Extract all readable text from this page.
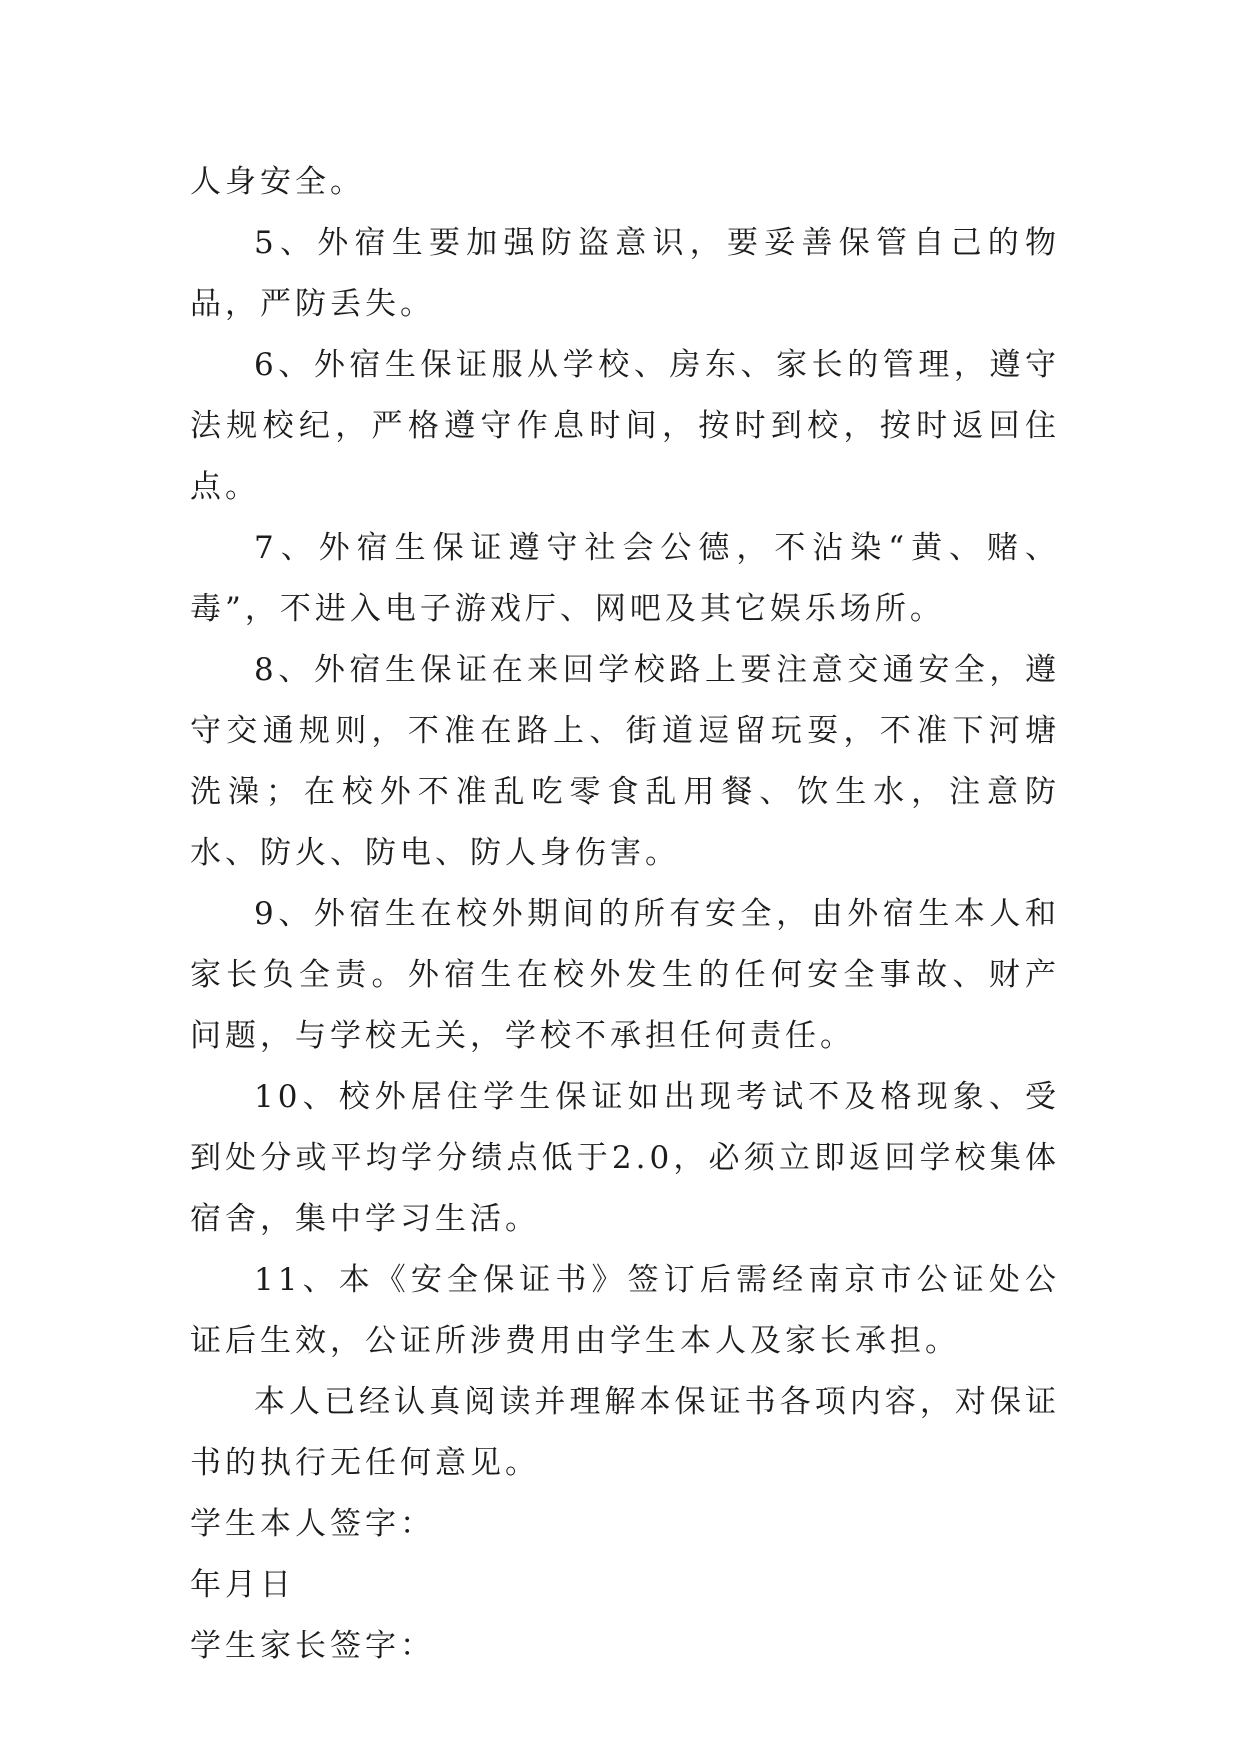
人身安全。

5、外宿生要加强防盗意识，要妥善保管自己的物品，严防丢失。

6、外宿生保证服从学校、房东、家长的管理，遵守法规校纪，严格遵守作息时间，按时到校，按时返回住点。

7、外宿生保证遵守社会公德，不沾染“黄、赌、毒”，不进入电子游戏厅、网吧及其它娱乐场所。

8、外宿生保证在来回学校路上要注意交通安全，遵守交通规则，不准在路上、街道逗留玩耍，不准下河塘洗澡；在校外不准乱吃零食乱用餐、饮生水，注意防水、防火、防电、防人身伤害。

9、外宿生在校外期间的所有安全，由外宿生本人和家长负全责。外宿生在校外发生的任何安全事故、财产问题，与学校无关，学校不承担任何责任。

10、校外居住学生保证如出现考试不及格现象、受到处分或平均学分绩点低于2.0，必须立即返回学校集体宿舍，集中学习生活。

11、本《安全保证书》签订后需经南京市公证处公证后生效，公证所涉费用由学生本人及家长承担。

本人已经认真阅读并理解本保证书各项内容，对保证书的执行无任何意见。

学生本人签字：

年月日

学生家长签字：
